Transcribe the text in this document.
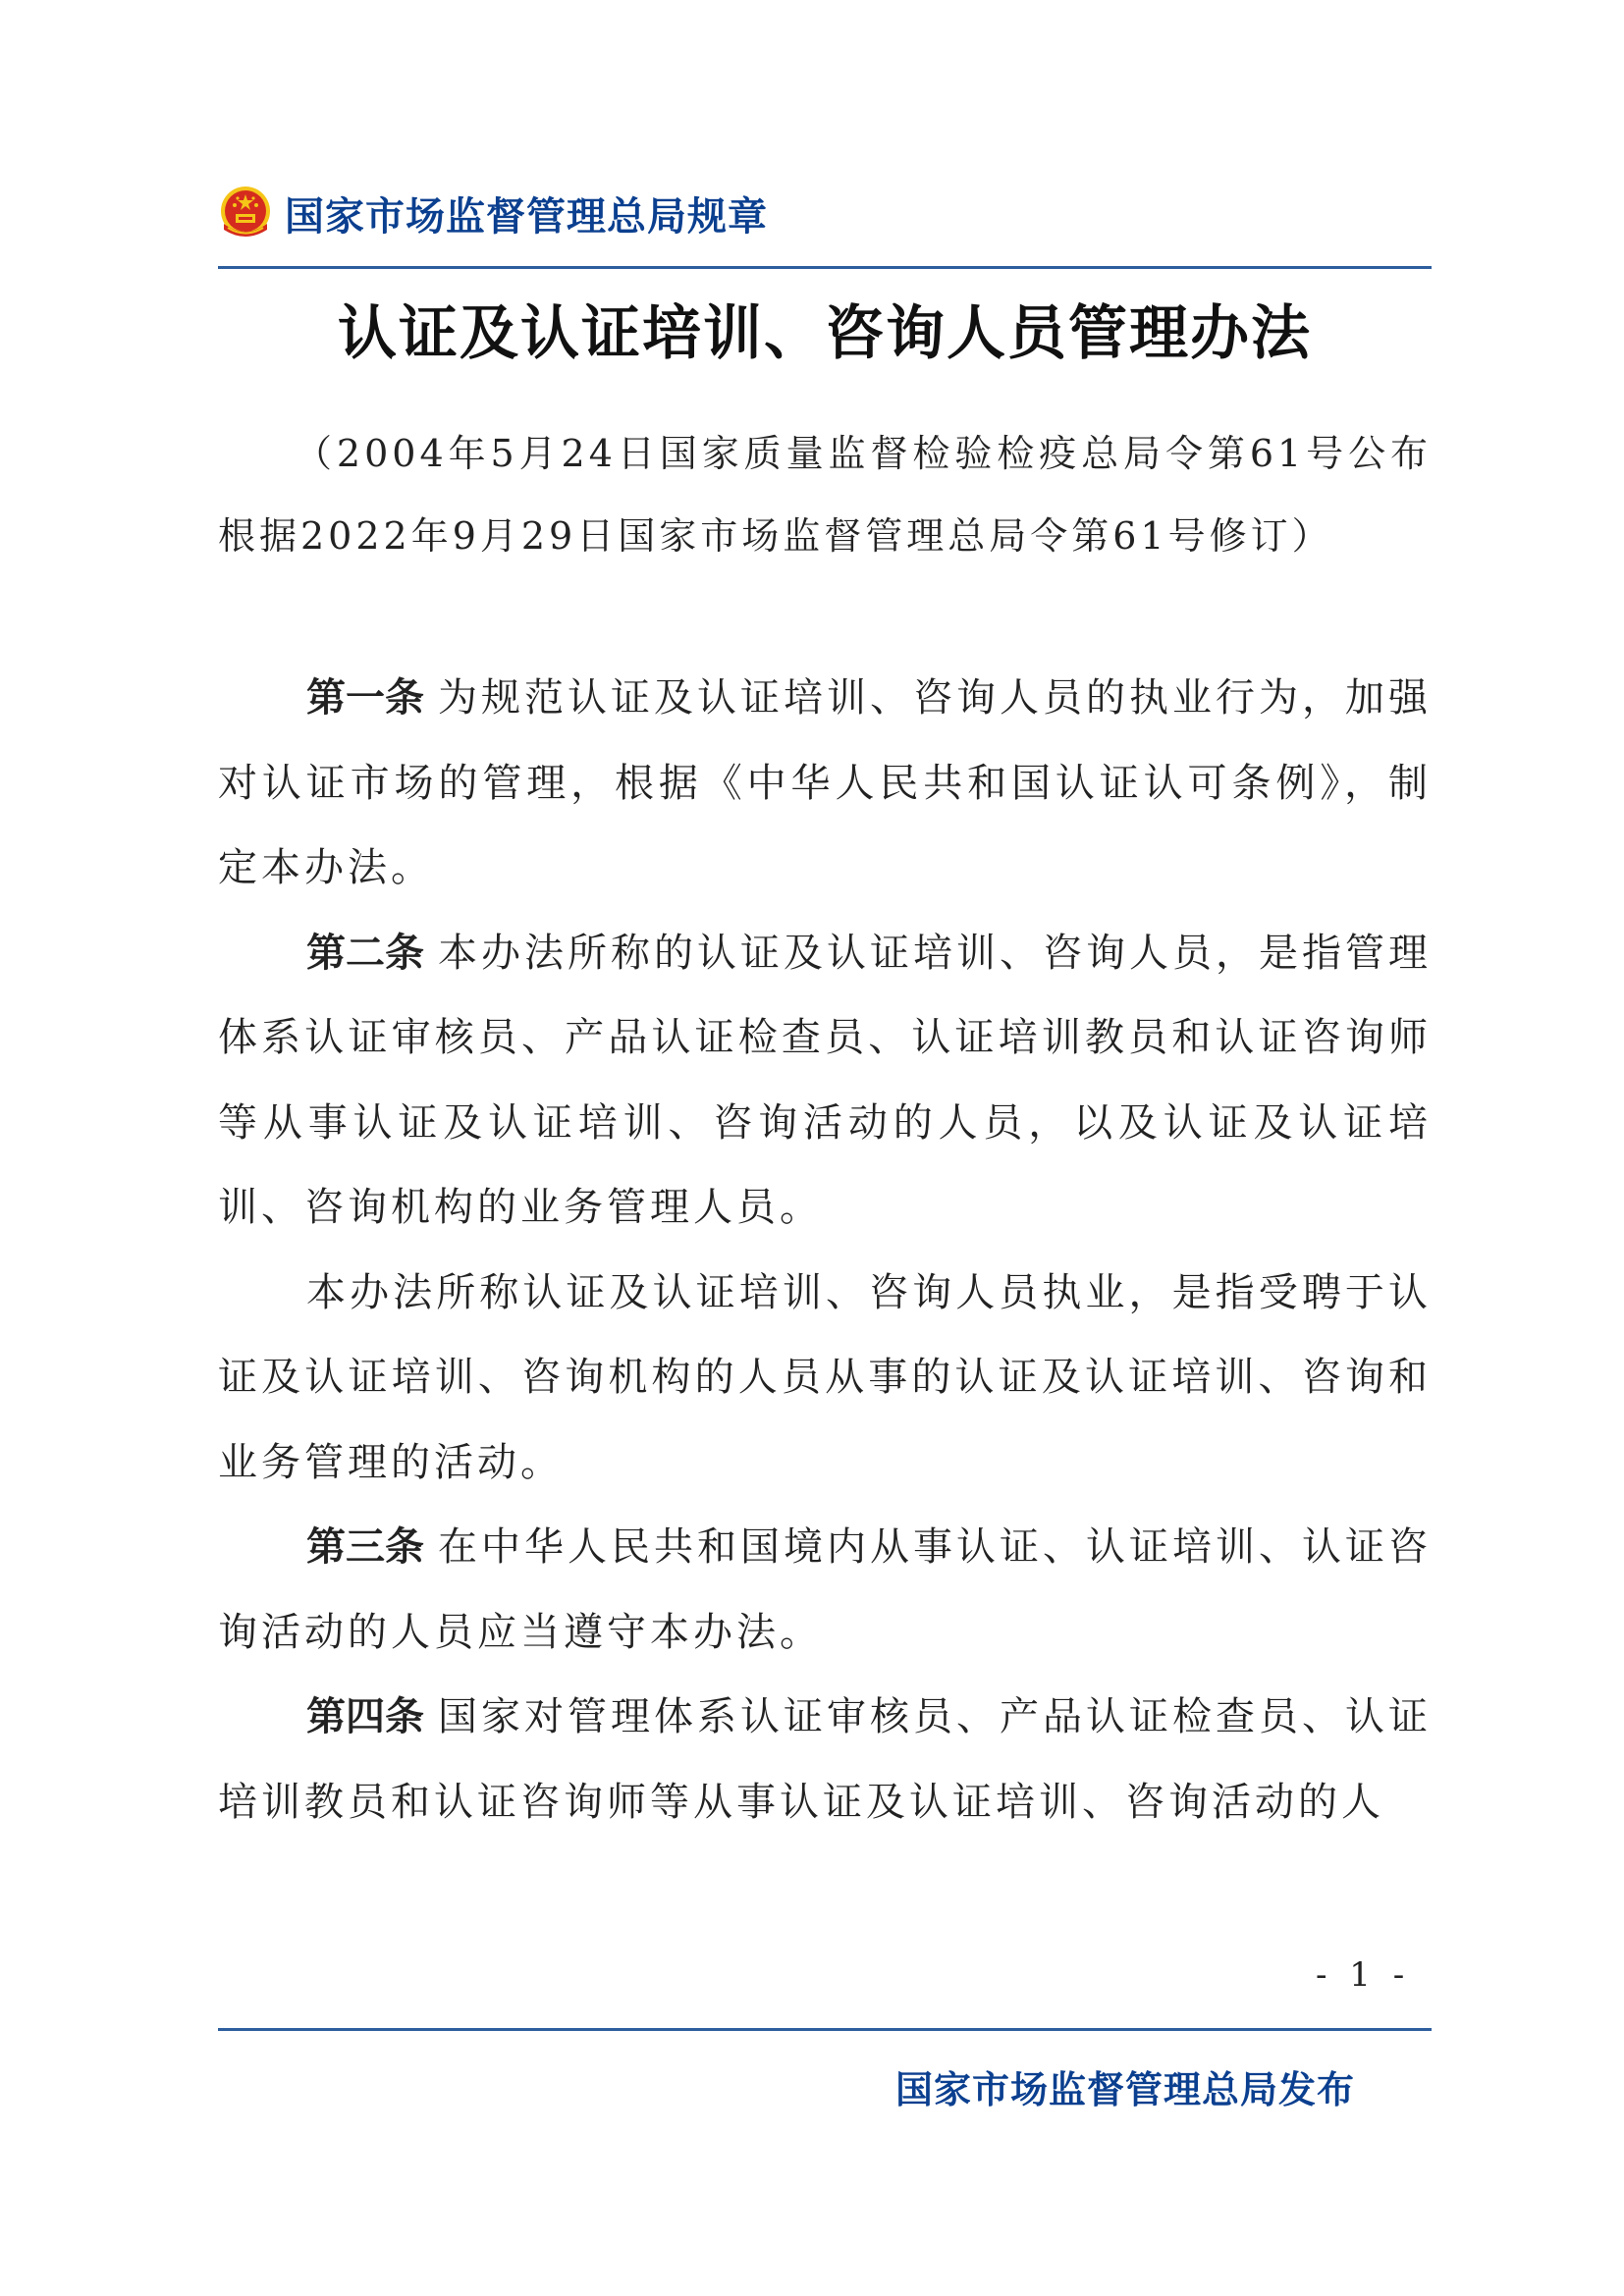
国家市场监督管理总局规章
认证及认证培训、咨询人员管理办法
（2004年5月24日国家质量监督检验检疫总局令第61号公布 根据2022年9月29日国家市场监督管理总局令第61号修订）

第一条 为规范认证及认证培训、咨询人员的执业行为，加强对认证市场的管理，根据《中华人民共和国认证认可条例》，制定本办法。

第二条 本办法所称的认证及认证培训、咨询人员，是指管理体系认证审核员、产品认证检查员、认证培训教员和认证咨询师等从事认证及认证培训、咨询活动的人员，以及认证及认证培训、咨询机构的业务管理人员。

本办法所称认证及认证培训、咨询人员执业，是指受聘于认证及认证培训、咨询机构的人员从事的认证及认证培训、咨询和业务管理的活动。

第三条 在中华人民共和国境内从事认证、认证培训、认证咨询活动的人员应当遵守本办法。

第四条 国家对管理体系认证审核员、产品认证检查员、认证培训教员和认证咨询师等从事认证及认证培训、咨询活动的人

- 1 -
国家市场监督管理总局发布
